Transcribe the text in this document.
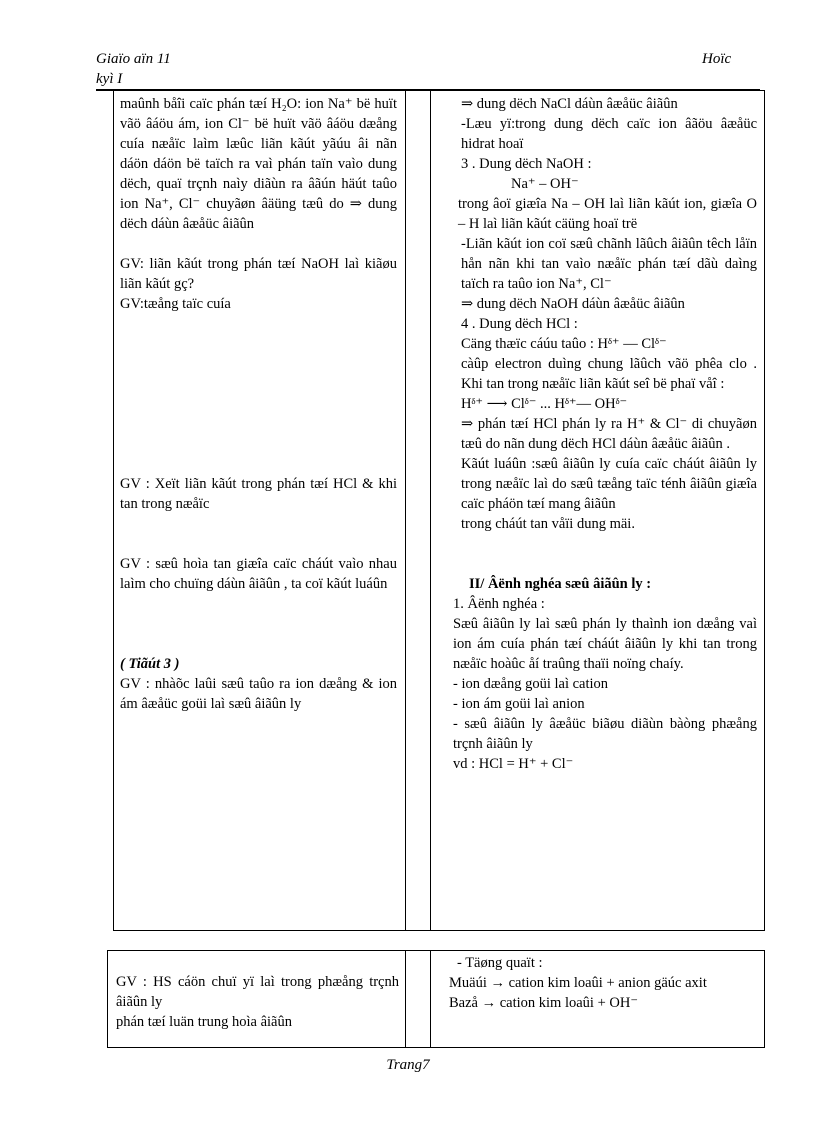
Giaïo aïn 11
kyì I
Hoïc

maûnh båîi caïc phán tæí H₂O: ion Na⁺ bë huït vãö âáöu ám, ion Cl⁻ bë huït vãö âáöu dæång cuía næåïc laìm læûc liãn kãút yãúu âi nãn dáön dáön bë taïch ra vaì phán taïn vaìo dung dëch, quaï trçnh naìy diãùn ra âãún häút taûo ion Na⁺, Cl⁻ chuyãøn âäüng tæû do ⇒ dung dëch dáùn âæåüc âiãûn

GV: liãn kãút trong phán tæí NaOH laì kiãøu liãn kãút gç?

GV:tæång taïc cuía

GV : Xeït liãn kãút trong phán tæí HCl & khi tan trong næåïc

GV : sæû hoìa tan giæîa caïc cháút vaìo nhau laìm cho chuïng dáùn âiãûn , ta coï kãút luáûn

( Tiãút 3 )

GV : nhàõc laûi sæû taûo ra ion dæång & ion ám âæåüc goüi laì sæû âiãûn ly

⇒ dung dëch NaCl dáùn âæåüc âiãûn

-Læu yï:trong dung dëch caïc ion âãöu âæåüc hidrat hoaï

3 . Dung dëch NaOH :

Na⁺ – OH⁻

trong âoï giæîa Na – OH laì liãn kãút ion, giæîa O – H laì liãn kãút cäüng hoaï trë

-Liãn kãút ion coï sæû chãnh lãûch âiãûn têch låïn hån nãn khi tan vaìo næåïc phán tæí dãù daìng taïch ra taûo ion Na⁺, Cl⁻

⇒ dung dëch NaOH dáùn âæåüc âiãûn

4 . Dung dëch HCl :

Cäng thæïc cáúu taûo : Hᵟ⁺ — Clᵟ⁻

càûp electron duìng chung lãûch vãö phêa clo . Khi tan trong næåïc liãn kãút seî bë phaï våî :

Hᵟ⁺ ⟶ Clᵟ⁻ ... Hᵟ⁺— OHᵟ⁻

⇒ phán tæí HCl phán ly ra H⁺ & Cl⁻ di chuyãøn tæû do nãn dung dëch HCl dáùn âæåüc âiãûn .

Kãút luáûn :sæû âiãûn ly cuía caïc cháút âiãûn ly trong næåïc laì do sæû tæång taïc ténh âiãûn giæîa caïc pháön tæí mang âiãûn

trong cháút tan våïi dung mäi.

II/ Âënh nghéa sæû âiãûn ly :

1. Âënh nghéa :

Sæû âiãûn ly laì sæû phán ly thaình ion dæång vaì ion ám cuía phán tæí cháút âiãûn ly khi tan trong næåïc hoàûc åí traûng thaïi noïng chaíy.

- ion dæång goüi laì cation

- ion ám goüi laì anion

- sæû âiãûn ly âæåüc biãøu diãùn bàòng phæång trçnh âiãûn ly

vd : HCl = H⁺ + Cl⁻

GV : HS cáön chuï yï laì trong phæång trçnh âiãûn ly

phán tæí luän trung hoìa âiãûn

- Täøng quaït :

Muäúi → cation kim loaûi + anion gäúc axit

Bazå → cation kim loaûi + OH⁻

Trang7
